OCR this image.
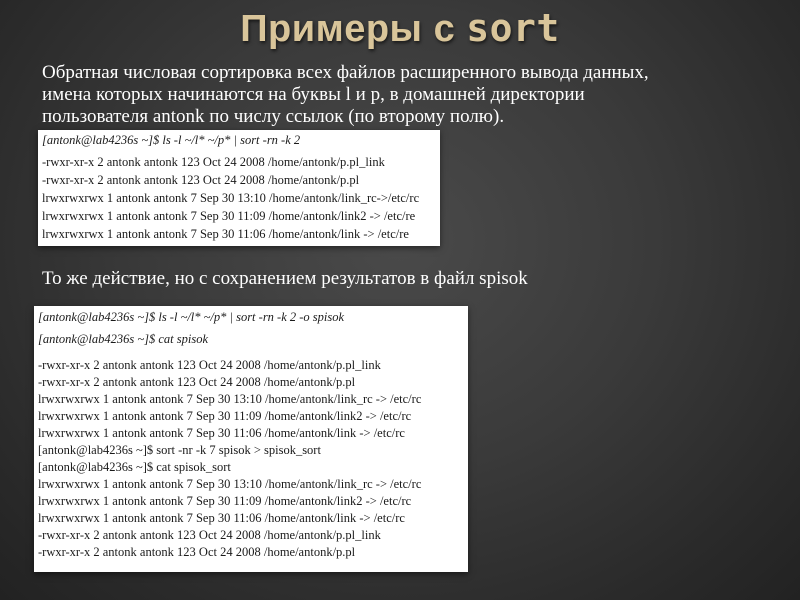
Примеры с sort
Обратная числовая сортировка всех файлов расширенного вывода данных,
имена которых начинаются на буквы l и p, в домашней директории
пользователя antonk по числу ссылок (по второму полю).
[antonk@lab4236s ~]$ ls -l ~/l* ~/p* | sort -rn -k 2
-rwxr-xr-x 2 antonk antonk 123 Oct 24 2008 /home/antonk/p.pl_link
-rwxr-xr-x 2 antonk antonk 123 Oct 24 2008 /home/antonk/p.pl
lrwxrwxrwx 1 antonk antonk 7 Sep 30 13:10 /home/antonk/link_rc->/etc/rc
lrwxrwxrwx 1 antonk antonk 7 Sep 30 11:09 /home/antonk/link2 -> /etc/re
lrwxrwxrwx 1 antonk antonk 7 Sep 30 11:06 /home/antonk/link -> /etc/re
То же действие, но с сохранением результатов в файл spisok
[antonk@lab4236s ~]$ ls -l ~/l* ~/p* | sort -rn -k 2 -o spisok
[antonk@lab4236s ~]$ cat spisok
-rwxr-xr-x 2 antonk antonk 123 Oct 24 2008 /home/antonk/p.pl_link
-rwxr-xr-x 2 antonk antonk 123 Oct 24 2008 /home/antonk/p.pl
lrwxrwxrwx 1 antonk antonk 7 Sep 30 13:10 /home/antonk/link_rc -> /etc/rc
lrwxrwxrwx 1 antonk antonk 7 Sep 30 11:09 /home/antonk/link2 -> /etc/rc
lrwxrwxrwx 1 antonk antonk 7 Sep 30 11:06 /home/antonk/link -> /etc/rc
[antonk@lab4236s ~]$ sort -nr -k 7 spisok > spisok_sort
[antonk@lab4236s ~]$ cat spisok_sort
lrwxrwxrwx 1 antonk antonk 7 Sep 30 13:10 /home/antonk/link_rc -> /etc/rc
lrwxrwxrwx 1 antonk antonk 7 Sep 30 11:09 /home/antonk/link2 -> /etc/rc
lrwxrwxrwx 1 antonk antonk 7 Sep 30 11:06 /home/antonk/link -> /etc/rc
-rwxr-xr-x 2 antonk antonk 123 Oct 24 2008 /home/antonk/p.pl_link
-rwxr-xr-x 2 antonk antonk 123 Oct 24 2008 /home/antonk/p.pl
